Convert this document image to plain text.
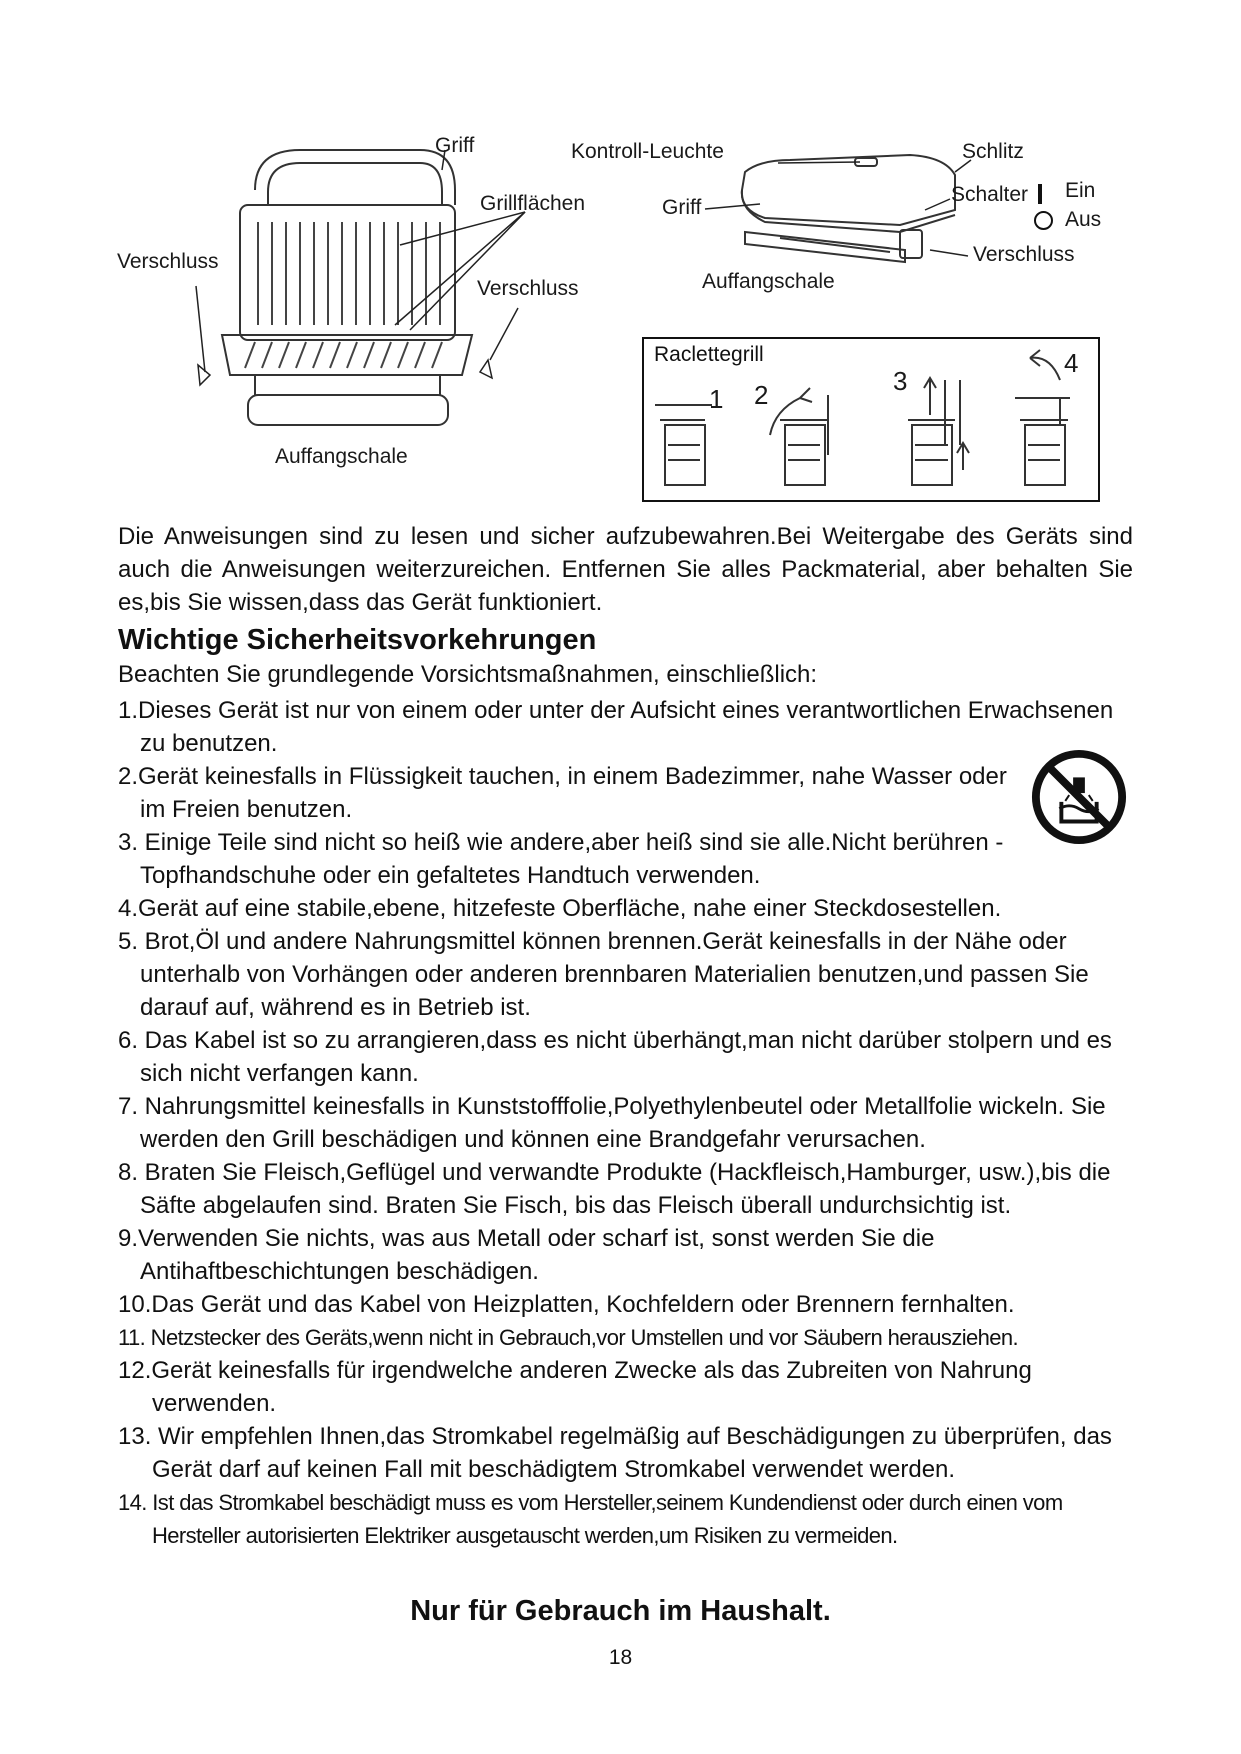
Griff
Grillflächen
Verschluss
Verschluss
Auffangschale
Kontroll-Leuchte	Schlitz
Griff
Schalter Ein
Aus
Verschluss
Auffangschale
Raclettegrill
1 2	3
4
Die Anweisungen sind zu lesen und sicher aufzubewahren.Bei Weitergabe des Geräts sind auch die Anweisungen weiterzureichen. Entfernen Sie alles Packmaterial, aber behalten Sie es,bis Sie wissen,dass das Gerät funktioniert.
Wichtige Sicherheitsvorkehrungen
Beachten Sie grundlegende Vorsichtsmaßnahmen, einschließlich:
1.Dieses Gerät ist nur von einem oder unter der Aufsicht eines verantwortlichen Erwachsenen zu benutzen.
2.Gerät keinesfalls in Flüssigkeit tauchen, in einem Badezimmer, nahe Wasser oder im Freien benutzen.
3. Einige Teile sind nicht so heiß wie andere,aber heiß sind sie alle.Nicht berühren - Topfhandschuhe oder ein gefaltetes Handtuch verwenden.
4.Gerät auf eine stabile,ebene, hitzefeste Oberfläche, nahe einer Steckdosestellen.
5. Brot,Öl und andere Nahrungsmittel können brennen.Gerät keinesfalls in der Nähe oder unterhalb von Vorhängen oder anderen brennbaren Materialien benutzen,und passen Sie darauf auf, während es in Betrieb ist.
6. Das Kabel ist so zu arrangieren,dass es nicht überhängt,man nicht darüber stolpern und es sich nicht verfangen kann.
7. Nahrungsmittel keinesfalls in Kunststofffolie,Polyethylenbeutel oder Metallfolie wickeln. Sie werden den Grill beschädigen und können eine Brandgefahr verursachen.
8. Braten Sie Fleisch,Geflügel und verwandte Produkte (Hackfleisch,Hamburger, usw.),bis die Säfte abgelaufen sind. Braten Sie Fisch, bis das Fleisch überall undurchsichtig ist.
9.Verwenden Sie nichts, was aus Metall oder scharf ist, sonst werden Sie die Antihaftbeschichtungen beschädigen.
10.Das Gerät und das Kabel von Heizplatten, Kochfeldern oder Brennern fernhalten.
11. Netzstecker des Geräts,wenn nicht in Gebrauch,vor Umstellen und vor Säubern herausziehen.
12.Gerät keinesfalls für irgendwelche anderen Zwecke als das Zubreiten von Nahrung verwenden.
13. Wir empfehlen Ihnen,das Stromkabel regelmäßig auf Beschädigungen zu überprüfen, das Gerät darf auf keinen Fall mit beschädigtem Stromkabel verwendet werden.
14. Ist das Stromkabel beschädigt muss es vom Hersteller,seinem Kundendienst oder durch einen vom Hersteller autorisierten Elektriker ausgetauscht werden,um Risiken zu vermeiden.
Nur für Gebrauch im Haushalt.
18
